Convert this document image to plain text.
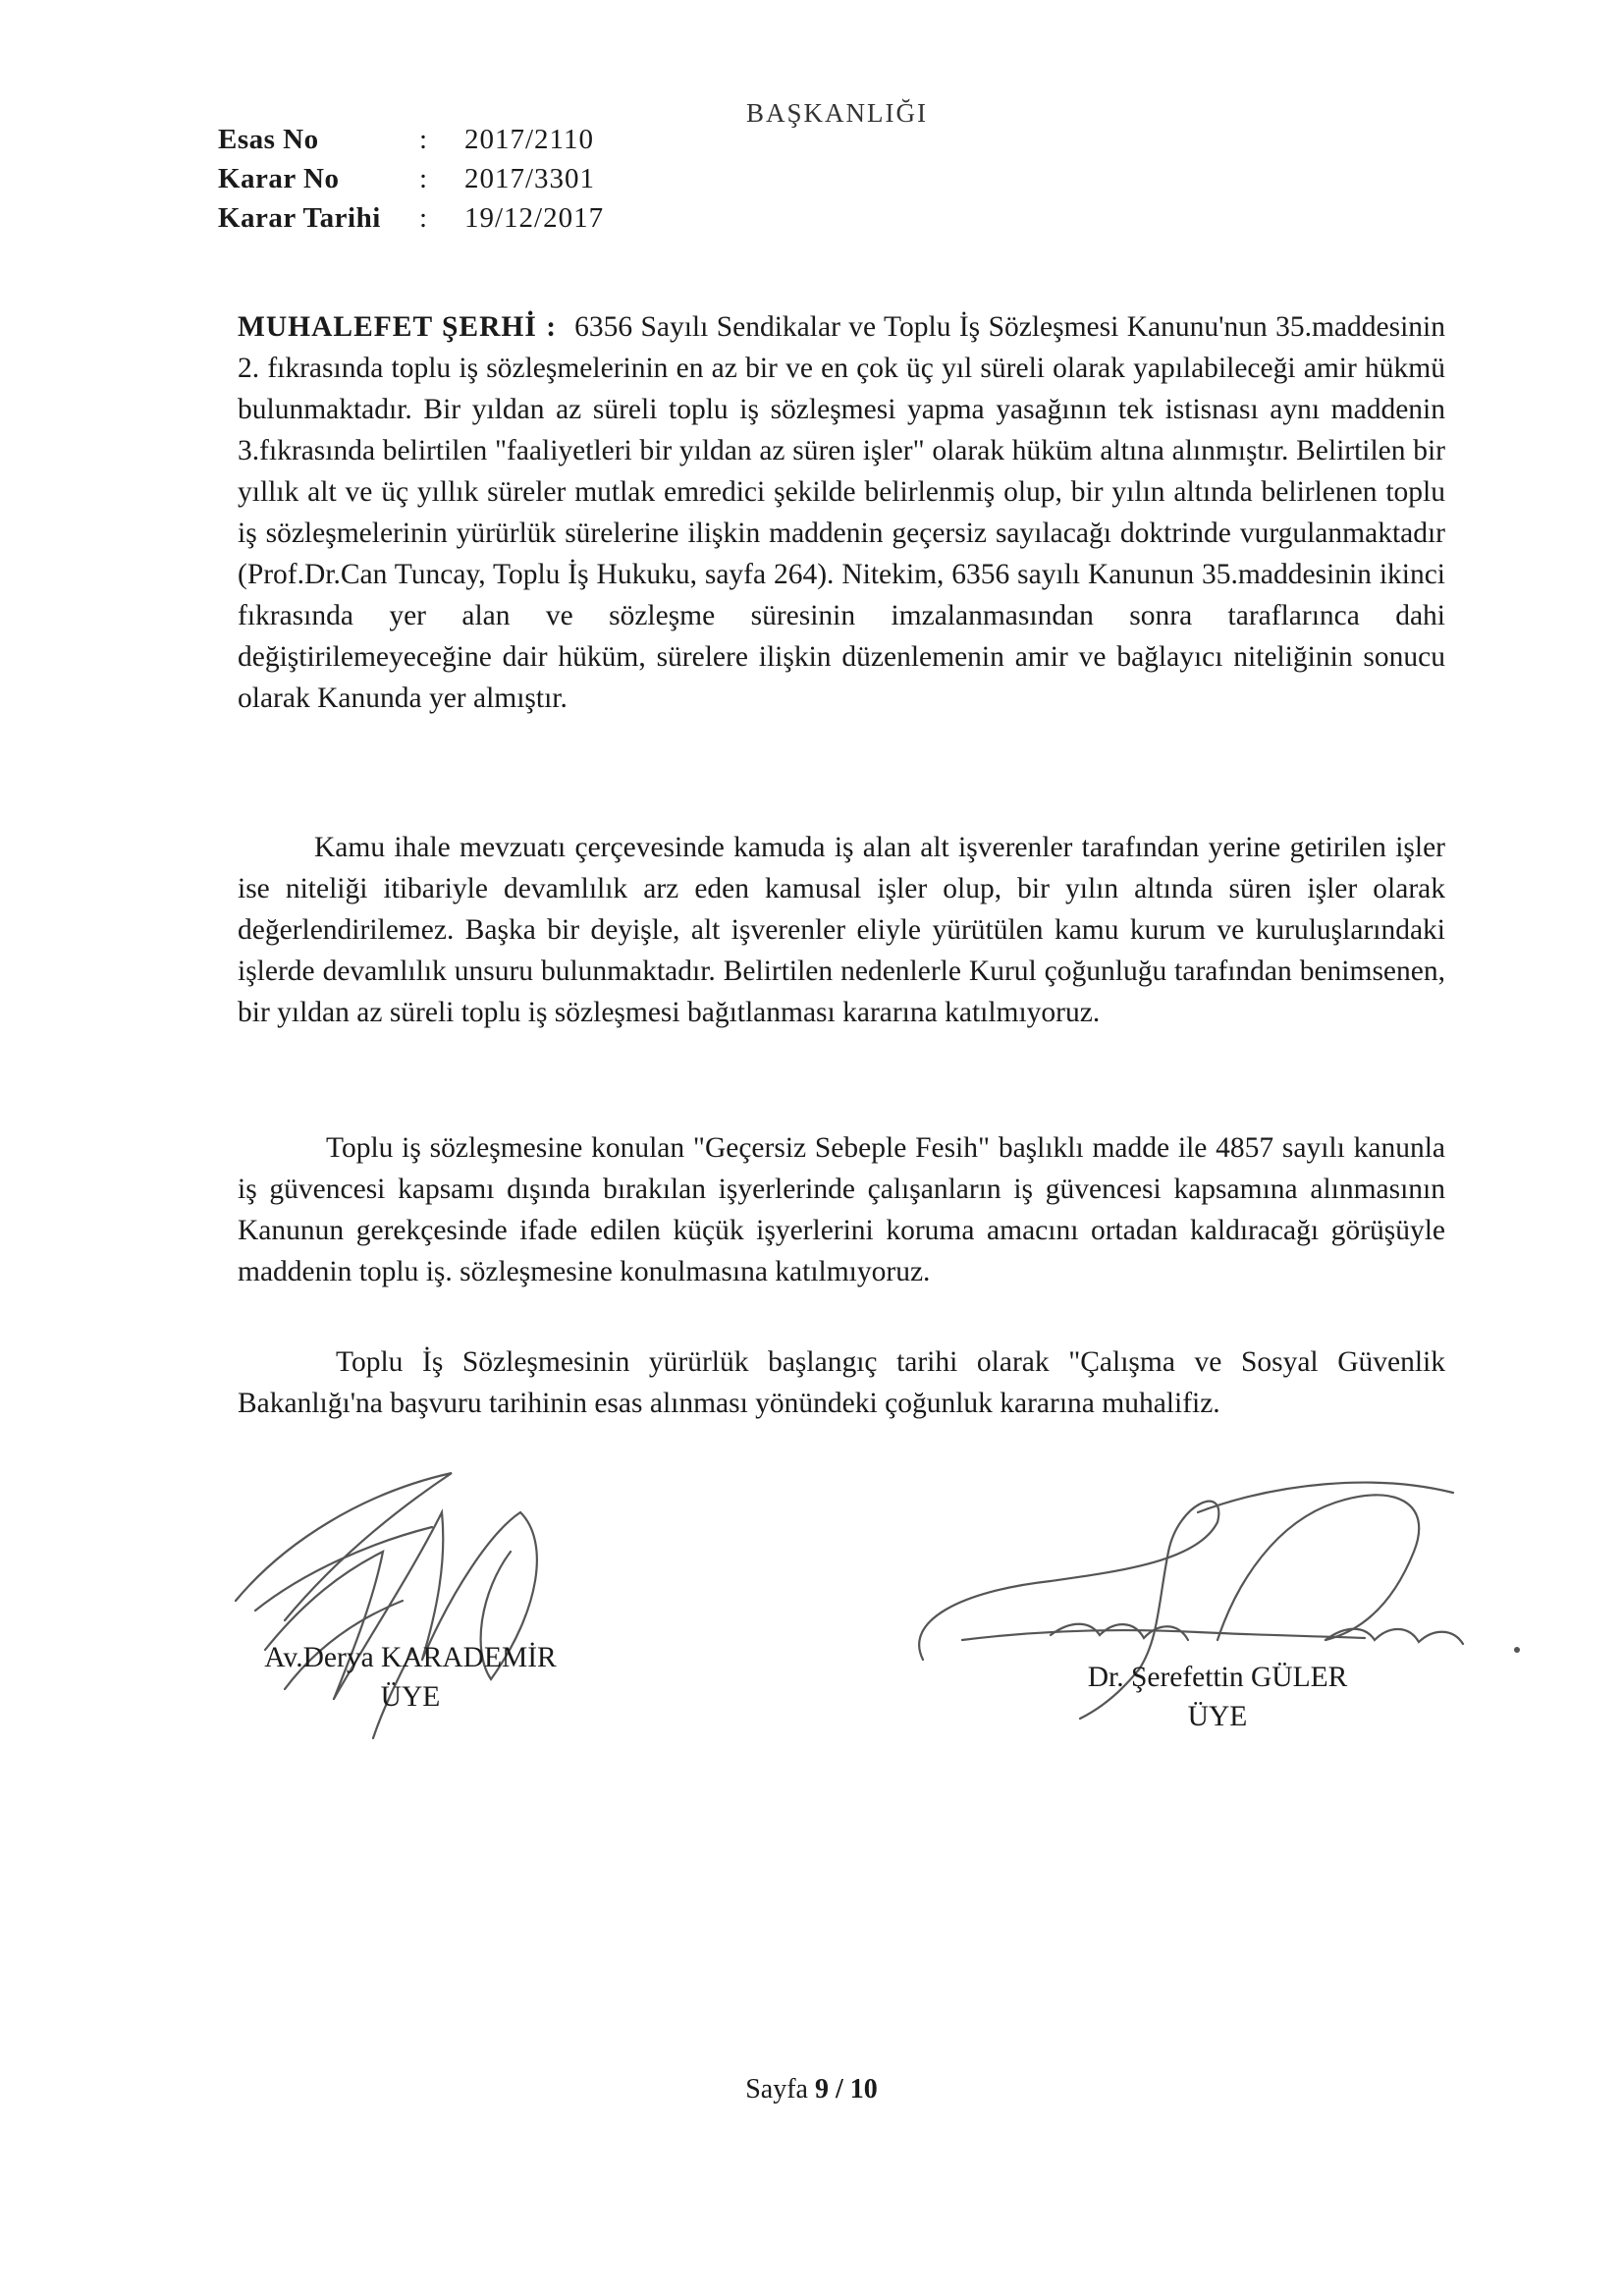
BAŞKANLIĞI
Esas No	:	2017/2110
Karar No	:	2017/3301
Karar Tarihi	:	19/12/2017
MUHALEFET ŞERHİ : 6356 Sayılı Sendikalar ve Toplu İş Sözleşmesi Kanunu'nun 35.maddesinin 2. fıkrasında toplu iş sözleşmelerinin en az bir ve en çok üç yıl süreli olarak yapılabileceği amir hükmü bulunmaktadır. Bir yıldan az süreli toplu iş sözleşmesi yapma yasağının tek istisnası aynı maddenin 3.fıkrasında belirtilen "faaliyetleri bir yıldan az süren işler" olarak hüküm altına alınmıştır. Belirtilen bir yıllık alt ve üç yıllık süreler mutlak emredici şekilde belirlenmiş olup, bir yılın altında belirlenen toplu iş sözleşmelerinin yürürlük sürelerine ilişkin maddenin geçersiz sayılacağı doktrinde vurgulanmaktadır (Prof.Dr.Can Tuncay, Toplu İş Hukuku, sayfa 264). Nitekim, 6356 sayılı Kanunun 35.maddesinin ikinci fıkrasında yer alan ve sözleşme süresinin imzalanmasından sonra taraflarınca dahi değiştirilemeyeceğine dair hüküm, sürelere ilişkin düzenlemenin amir ve bağlayıcı niteliğinin sonucu olarak Kanunda yer almıştır.
Kamu ihale mevzuatı çerçevesinde kamuda iş alan alt işverenler tarafından yerine getirilen işler ise niteliği itibariyle devamlılık arz eden kamusal işler olup, bir yılın altında süren işler olarak değerlendirilemez. Başka bir deyişle, alt işverenler eliyle yürütülen kamu kurum ve kuruluşlarındaki işlerde devamlılık unsuru bulunmaktadır. Belirtilen nedenlerle Kurul çoğunluğu tarafından benimsenen, bir yıldan az süreli toplu iş sözleşmesi bağıtlanması kararına katılmıyoruz.
Toplu iş sözleşmesine konulan "Geçersiz Sebeple Fesih" başlıklı madde ile 4857 sayılı kanunla iş güvencesi kapsamı dışında bırakılan işyerlerinde çalışanların iş güvencesi kapsamına alınmasının Kanunun gerekçesinde ifade edilen küçük işyerlerini koruma amacını ortadan kaldıracağı görüşüyle maddenin toplu iş. sözleşmesine konulmasına katılmıyoruz.
Toplu İş Sözleşmesinin yürürlük başlangıç tarihi olarak "Çalışma ve Sosyal Güvenlik Bakanlığı'na başvuru tarihinin esas alınması yönündeki çoğunluk kararına muhalifiz.
Av.Derya KARADEMİR
ÜYE
Dr. Şerefettin GÜLER
ÜYE
Sayfa 9 / 10
